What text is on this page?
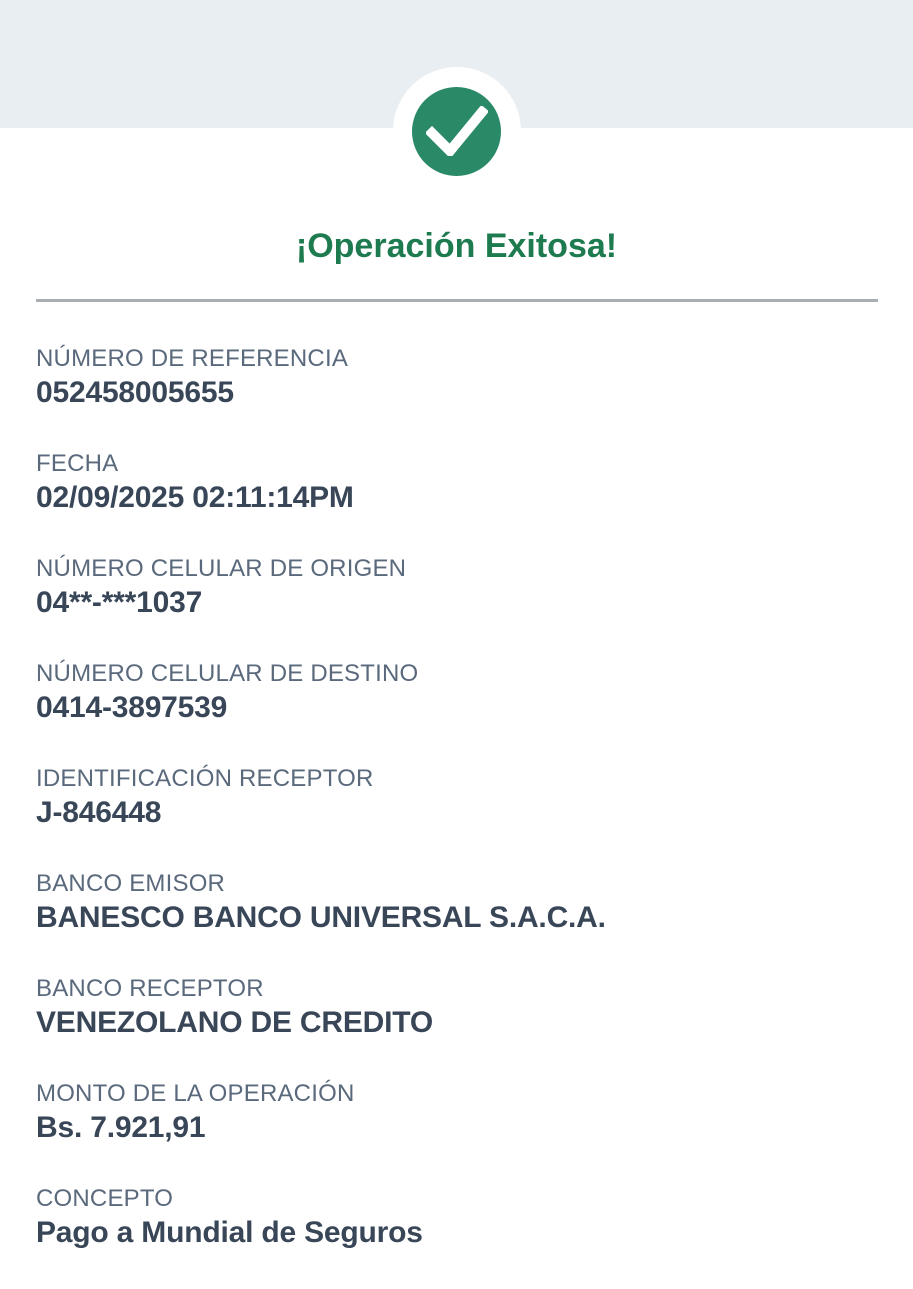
¡Operación Exitosa!
NÚMERO DE REFERENCIA
052458005655
FECHA
02/09/2025 02:11:14PM
NÚMERO CELULAR DE ORIGEN
04**-***1037
NÚMERO CELULAR DE DESTINO
0414-3897539
IDENTIFICACIÓN RECEPTOR
J-846448
BANCO EMISOR
BANESCO BANCO UNIVERSAL S.A.C.A.
BANCO RECEPTOR
VENEZOLANO DE CREDITO
MONTO DE LA OPERACIÓN
Bs. 7.921,91
CONCEPTO
Pago a Mundial de Seguros
